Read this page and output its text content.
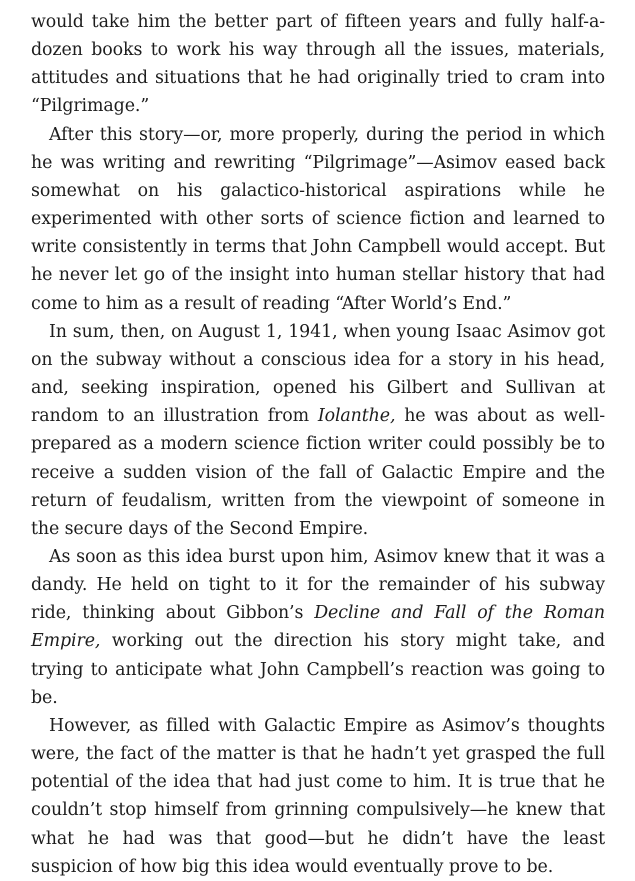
would take him the better part of fifteen years and fully half-a-dozen books to work his way through all the issues, materials, attitudes and situations that he had originally tried to cram into “Pilgrimage.”

After this story—or, more properly, during the period in which he was writing and rewriting “Pilgrimage”—Asimov eased back somewhat on his galactico-historical aspirations while he experimented with other sorts of science fiction and learned to write consistently in terms that John Campbell would accept. But he never let go of the insight into human stellar history that had come to him as a result of reading “After World’s End.”

In sum, then, on August 1, 1941, when young Isaac Asimov got on the subway without a conscious idea for a story in his head, and, seeking inspiration, opened his Gilbert and Sullivan at random to an illustration from Iolanthe, he was about as well-prepared as a modern science fiction writer could possibly be to receive a sudden vision of the fall of Galactic Empire and the return of feudalism, written from the viewpoint of someone in the secure days of the Second Empire.

As soon as this idea burst upon him, Asimov knew that it was a dandy. He held on tight to it for the remainder of his subway ride, thinking about Gibbon’s Decline and Fall of the Roman Empire, working out the direction his story might take, and trying to anticipate what John Campbell’s reaction was going to be.

However, as filled with Galactic Empire as Asimov’s thoughts were, the fact of the matter is that he hadn’t yet grasped the full potential of the idea that had just come to him. It is true that he couldn’t stop himself from grinning compulsively—he knew that what he had was that good—but he didn’t have the least suspicion of how big this idea would eventually prove to be.
